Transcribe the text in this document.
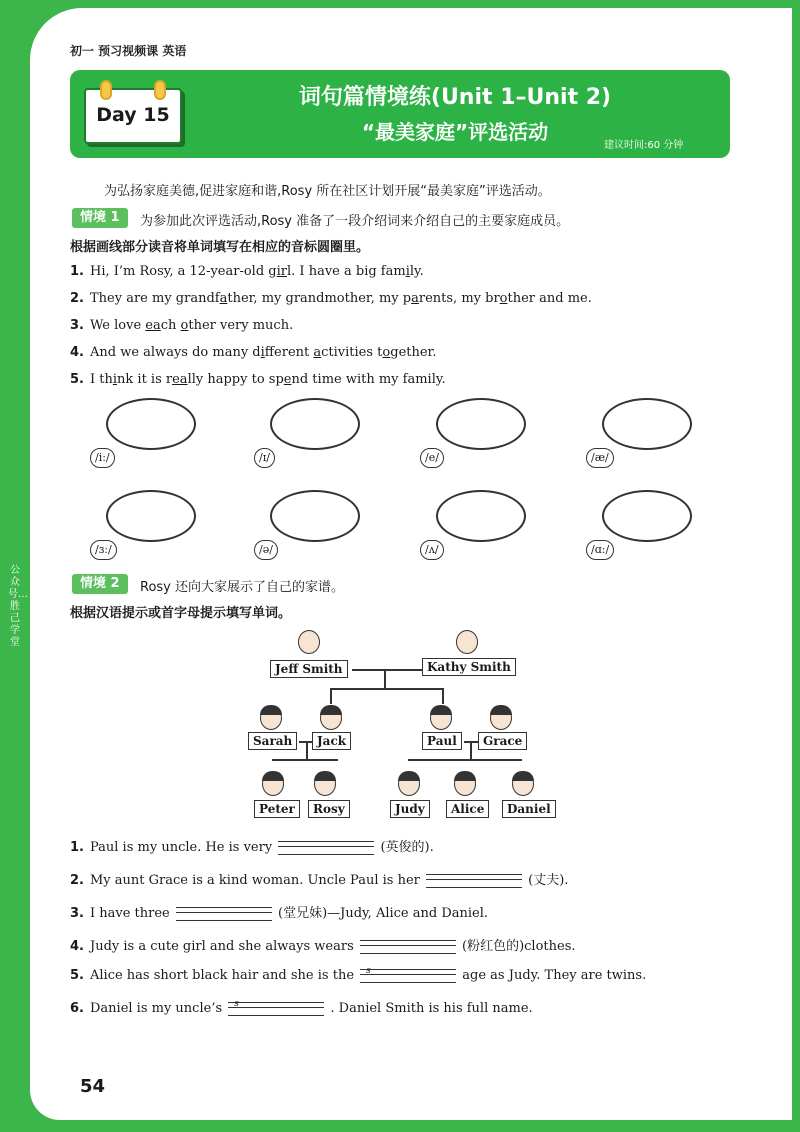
公众号…胜己学堂
初一 预习视频课 英语
Day 15
词句篇情境练(Unit 1–Unit 2)
“最美家庭”评选活动
建议时间:60 分钟
为弘扬家庭美德,促进家庭和谐,Rosy 所在社区计划开展“最美家庭”评选活动。
情境 1	为参加此次评选活动,Rosy 准备了一段介绍词来介绍自己的主要家庭成员。
根据画线部分读音将单词填写在相应的音标圆圈里。
1. Hi, I’m Rosy, a 12-year-old girl. I have a big family.
2. They are my grandfather, my grandmother, my parents, my brother and me.
3. We love each other very much.
4. And we always do many different activities together.
5. I think it is really happy to spend time with my family.
/iː/	/ɪ/	/e/	/æ/
/ɜː/	/ə/	/ʌ/	/ɑː/
情境 2	Rosy 还向大家展示了自己的家谱。
根据汉语提示或首字母提示填写单词。
Jeff Smith	Kathy Smith
Sarah	Jack	Paul	Grace
Peter	Rosy	Judy	Alice	Daniel
1. Paul is my uncle. He is very	(英俊的).
2. My aunt Grace is a kind woman. Uncle Paul is her	(丈夫).
3. I have three	(堂兄妹)—Judy, Alice and Daniel.
4. Judy is a cute girl and she always wears	(粉红色的)clothes.
5. Alice has short black hair and she is the s	age as Judy. They are twins.
6. Daniel is my uncle’s s	. Daniel Smith is his full name.
54
